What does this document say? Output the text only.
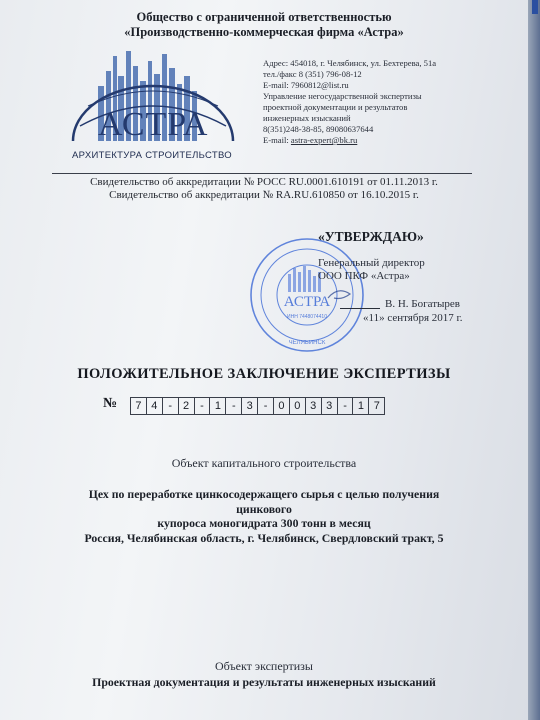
Общество с ограниченной ответственностью
«Производственно-коммерческая фирма «Астра»
АСТРА
АРХИТЕКТУРА СТРОИТЕЛЬСТВО
Адрес: 454018, г. Челябинск, ул. Бехтерева, 51а
тел./факс 8 (351) 796-08-12
E-mail: 7960812@list.ru
Управление негосударственной экспертизы
проектной документации и результатов
инженерных изысканий
8(351)248-38-85, 89080637644
E-mail: astra-expert@bk.ru
Свидетельство об аккредитации № РОСС RU.0001.610191 от 01.11.2013 г.
Свидетельство об аккредитации № RA.RU.610850 от 16.10.2015 г.
«УТВЕРЖДАЮ»
АСТРА
ИНН 7448074410
ЧЕЛЯБИНСК
Генеральный директор
ООО ПКФ «Астра»
В. Н. Богатырев
«11» сентября 2017 г.
ПОЛОЖИТЕЛЬНОЕ ЗАКЛЮЧЕНИЕ ЭКСПЕРТИЗЫ
№	7 4	- 2	- 1	- 3	- 0 0 3 3	- 1 7
Объект капитального строительства
Цех по переработке цинкосодержащего сырья с целью получения цинкового
купороса моногидрата 300 тонн в месяц
Россия, Челябинская область, г. Челябинск, Свердловский тракт, 5
Объект экспертизы
Проектная документация и результаты инженерных изысканий
